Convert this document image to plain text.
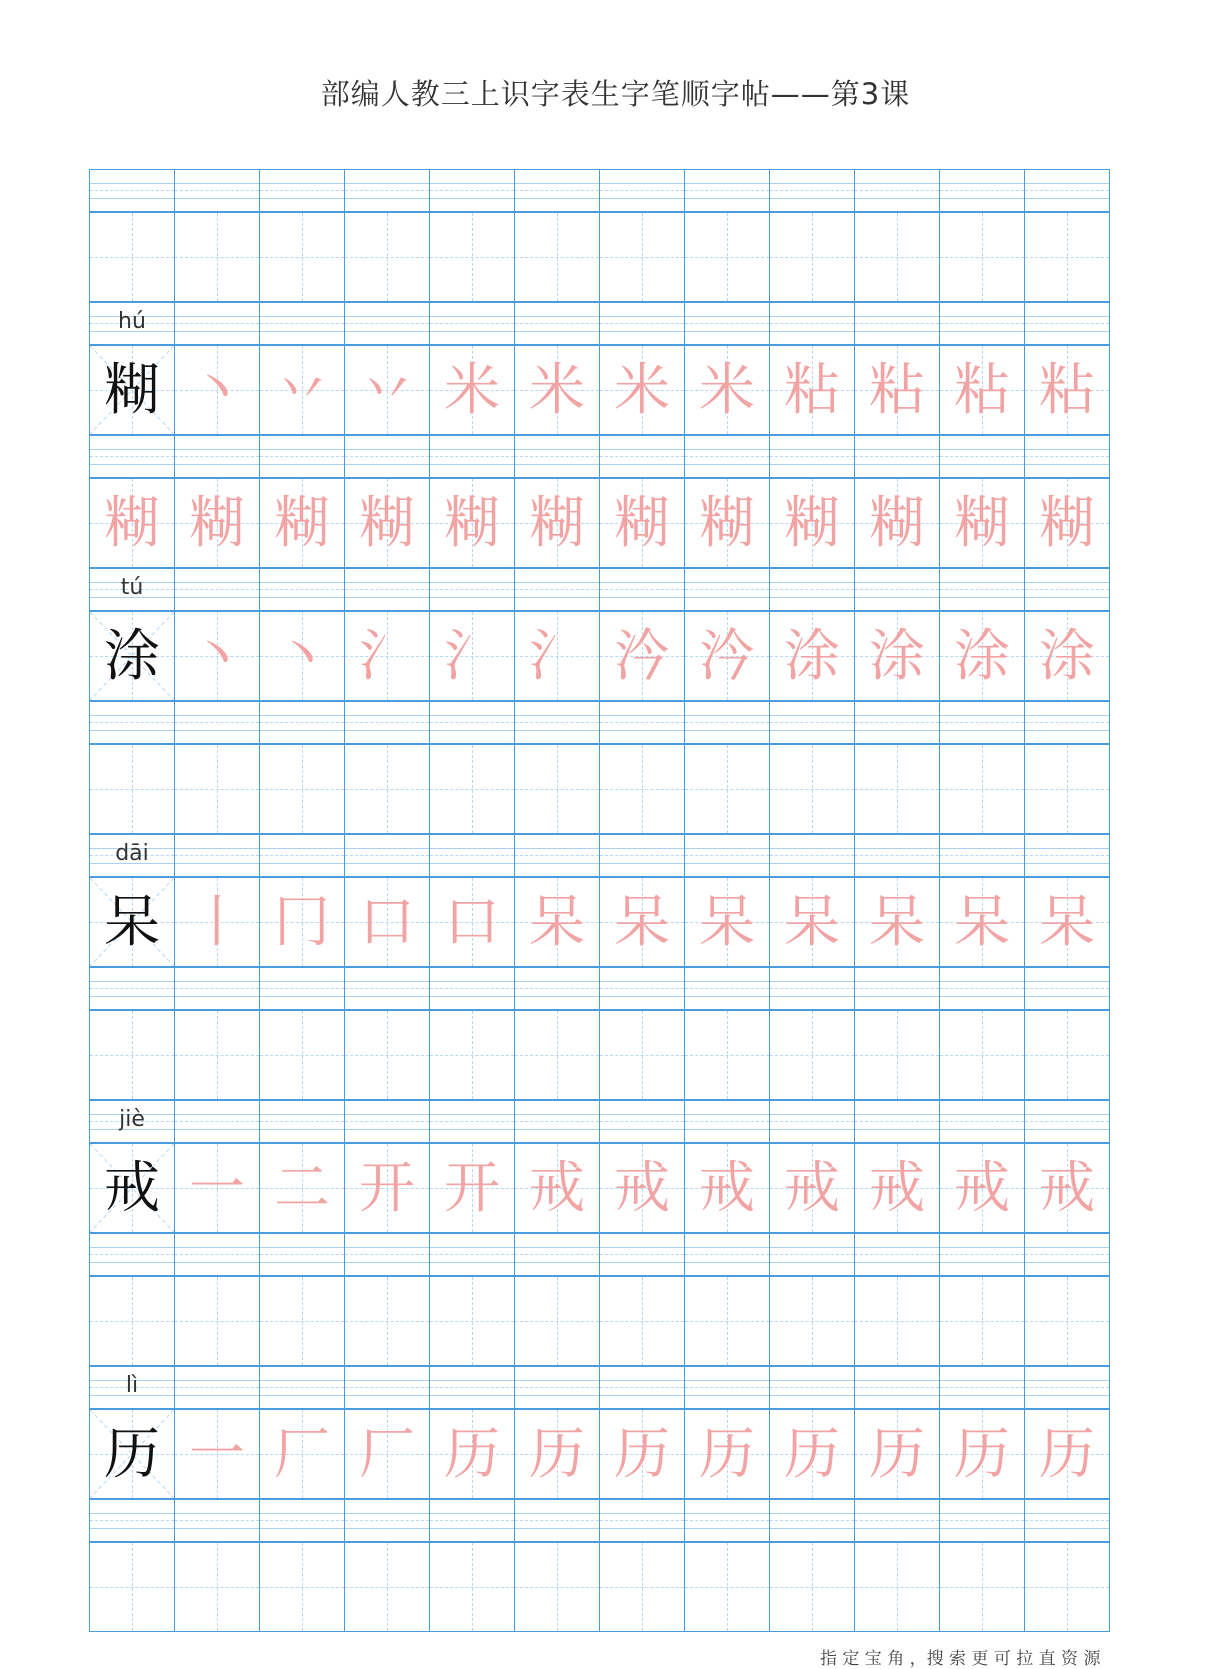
部编人教三上识字表生字笔顺字帖——第3课
hú
糊 丶 丷 丷 米 米 米 米 粘 粘 粘 粘
糊 糊 糊 糊 糊 糊 糊 糊 糊 糊 糊 糊
tú
涂 丶 丶 氵 氵 氵 汵 汵 涂 涂 涂 涂
dāi
呆 丨 冂 口 口 呆 呆 呆 呆 呆 呆 呆
jiè
戒 一 二 开 开 戒 戒 戒 戒 戒 戒 戒
lì
历 一 厂 厂 历 历 历 历 历 历 历 历
指 定 宝 角 ，搜 索 更 可 拉 直 资 源
